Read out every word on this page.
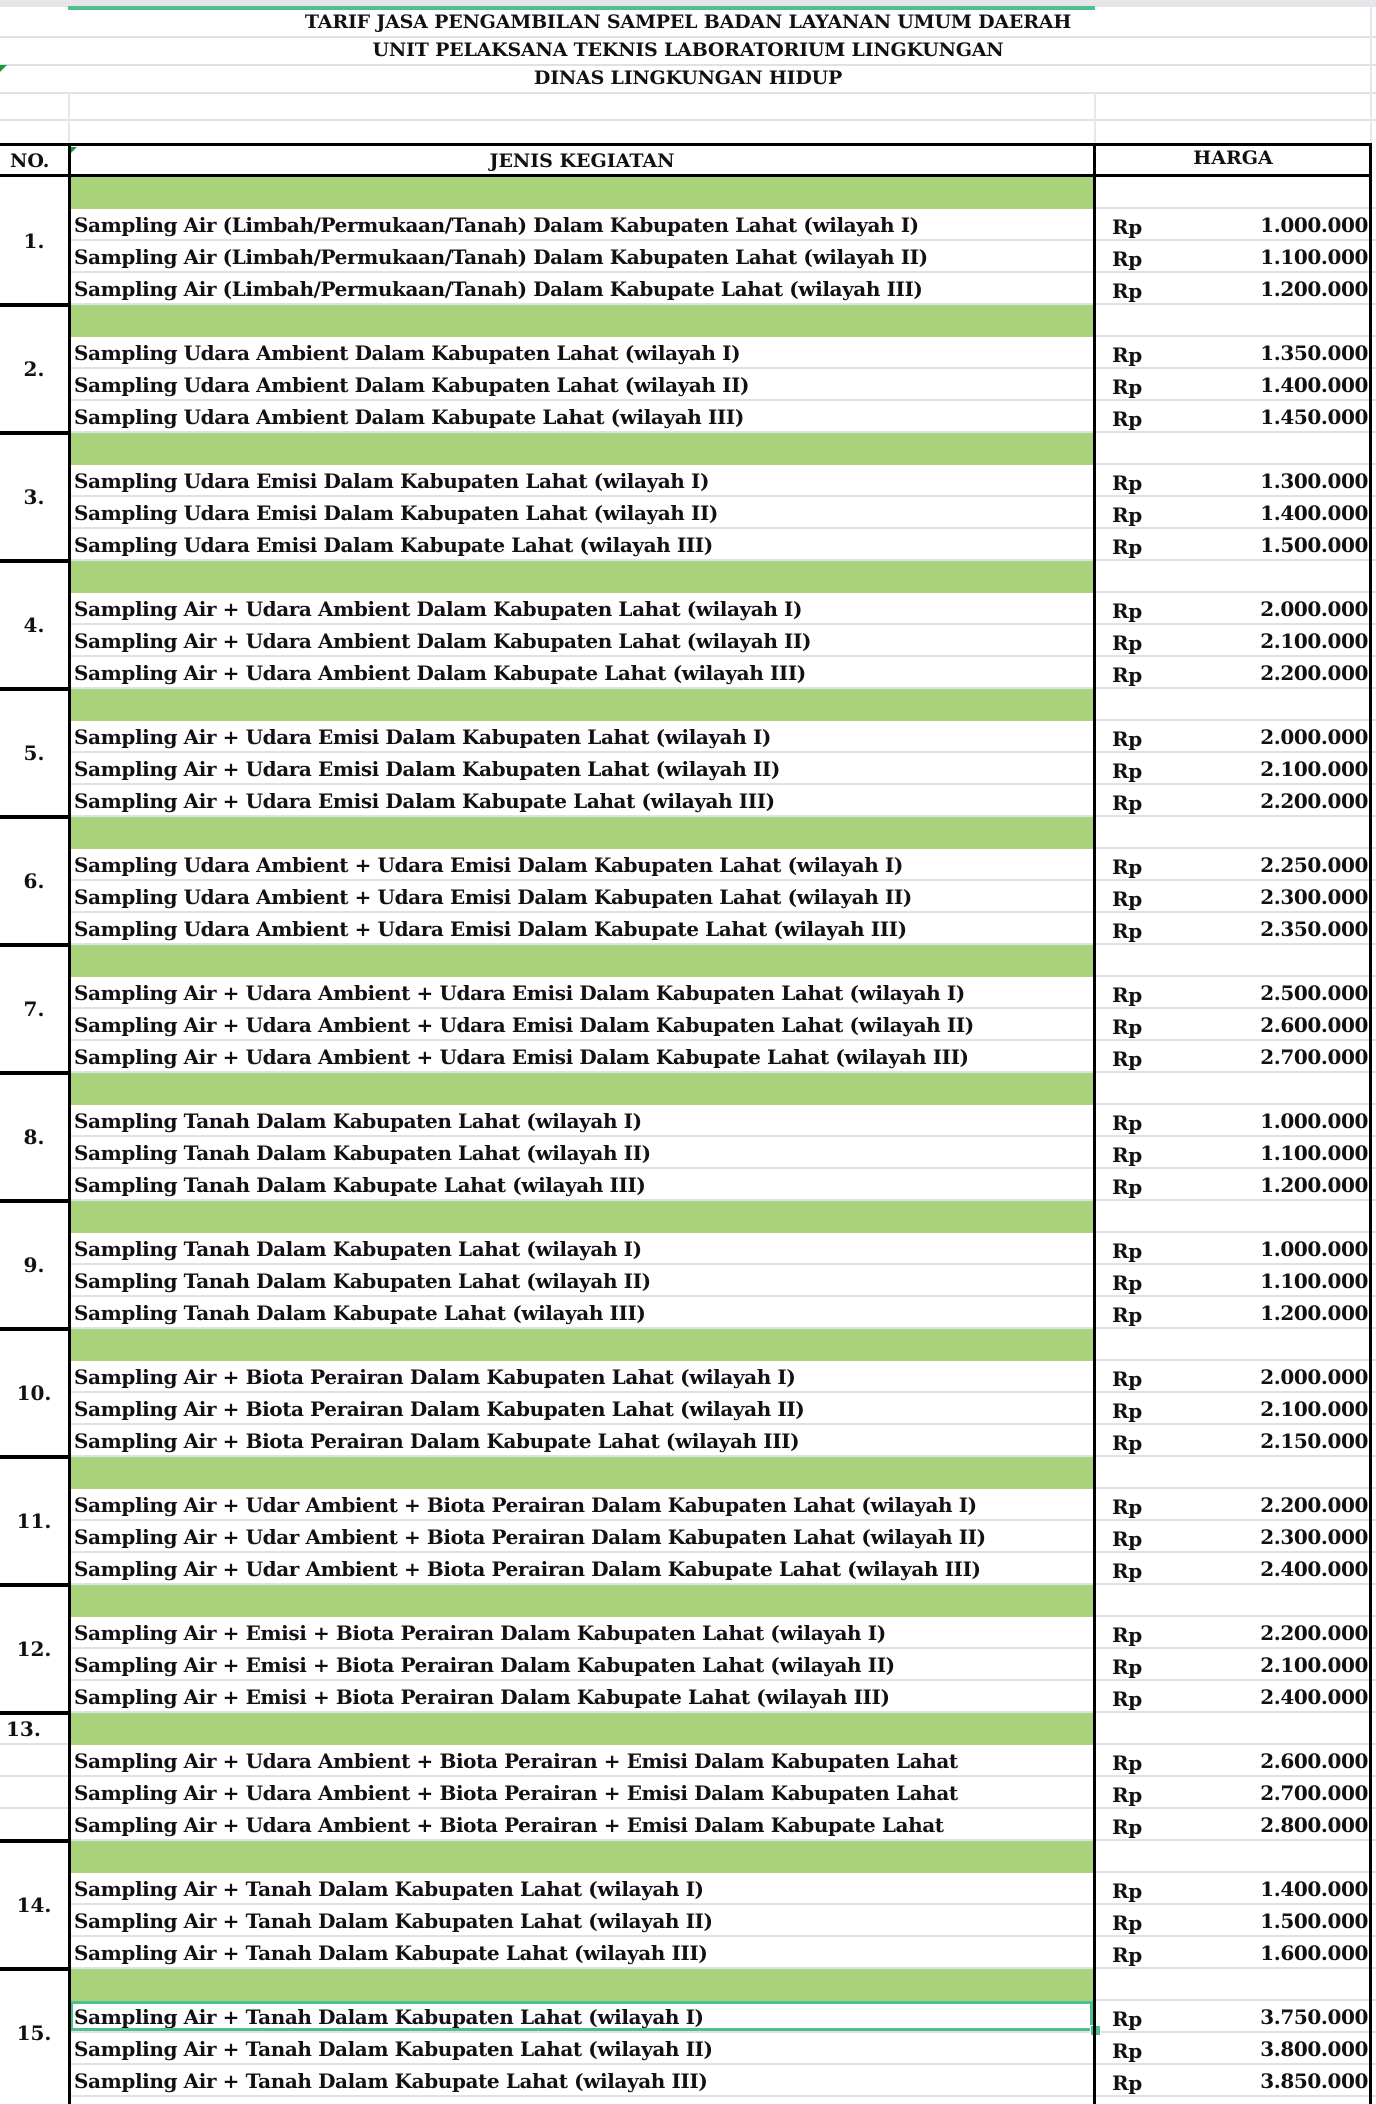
TARIF JASA PENGAMBILAN SAMPEL BADAN LAYANAN UMUM DAERAH
UNIT PELAKSANA TEKNIS LABORATORIUM LINGKUNGAN
DINAS LINGKUNGAN HIDUP
NO.	JENIS KEGIATAN	HARGA
1.
Sampling Air (Limbah/Permukaan/Tanah) Dalam Kabupaten Lahat (wilayah I)	Rp	1.000.000
Sampling Air (Limbah/Permukaan/Tanah) Dalam Kabupaten Lahat (wilayah II)	Rp	1.100.000
Sampling Air (Limbah/Permukaan/Tanah) Dalam Kabupate Lahat (wilayah III)	Rp	1.200.000
2.
Sampling Udara Ambient Dalam Kabupaten Lahat (wilayah I)	Rp	1.350.000
Sampling Udara Ambient Dalam Kabupaten Lahat (wilayah II)	Rp	1.400.000
Sampling Udara Ambient Dalam Kabupate Lahat (wilayah III)	Rp	1.450.000
3.
Sampling Udara Emisi Dalam Kabupaten Lahat (wilayah I)	Rp	1.300.000
Sampling Udara Emisi Dalam Kabupaten Lahat (wilayah II)	Rp	1.400.000
Sampling Udara Emisi Dalam Kabupate Lahat (wilayah III)	Rp	1.500.000
4.
Sampling Air + Udara Ambient Dalam Kabupaten Lahat (wilayah I)	Rp	2.000.000
Sampling Air + Udara Ambient Dalam Kabupaten Lahat (wilayah II)	Rp	2.100.000
Sampling Air + Udara Ambient Dalam Kabupate Lahat (wilayah III)	Rp	2.200.000
5.
Sampling Air + Udara Emisi Dalam Kabupaten Lahat (wilayah I)	Rp	2.000.000
Sampling Air + Udara Emisi Dalam Kabupaten Lahat (wilayah II)	Rp	2.100.000
Sampling Air + Udara Emisi Dalam Kabupate Lahat (wilayah III)	Rp	2.200.000
6.
Sampling Udara Ambient + Udara Emisi Dalam Kabupaten Lahat (wilayah I)	Rp	2.250.000
Sampling Udara Ambient + Udara Emisi Dalam Kabupaten Lahat (wilayah II)	Rp	2.300.000
Sampling Udara Ambient + Udara Emisi Dalam Kabupate Lahat (wilayah III)	Rp	2.350.000
7.
Sampling Air + Udara Ambient + Udara Emisi Dalam Kabupaten Lahat (wilayah I)	Rp	2.500.000
Sampling Air + Udara Ambient + Udara Emisi Dalam Kabupaten Lahat (wilayah II)	Rp	2.600.000
Sampling Air + Udara Ambient + Udara Emisi Dalam Kabupate Lahat (wilayah III)	Rp	2.700.000
8.
Sampling Tanah Dalam Kabupaten Lahat (wilayah I)	Rp	1.000.000
Sampling Tanah Dalam Kabupaten Lahat (wilayah II)	Rp	1.100.000
Sampling Tanah Dalam Kabupate Lahat (wilayah III)	Rp	1.200.000
9.
Sampling Tanah Dalam Kabupaten Lahat (wilayah I)	Rp	1.000.000
Sampling Tanah Dalam Kabupaten Lahat (wilayah II)	Rp	1.100.000
Sampling Tanah Dalam Kabupate Lahat (wilayah III)	Rp	1.200.000
10.
Sampling Air + Biota Perairan Dalam Kabupaten Lahat (wilayah I)	Rp	2.000.000
Sampling Air + Biota Perairan Dalam Kabupaten Lahat (wilayah II)	Rp	2.100.000
Sampling Air + Biota Perairan Dalam Kabupate Lahat (wilayah III)	Rp	2.150.000
11.
Sampling Air + Udar Ambient + Biota Perairan Dalam Kabupaten Lahat (wilayah I)	Rp	2.200.000
Sampling Air + Udar Ambient + Biota Perairan Dalam Kabupaten Lahat (wilayah II)	Rp	2.300.000
Sampling Air + Udar Ambient + Biota Perairan Dalam Kabupate Lahat (wilayah III)	Rp	2.400.000
12.
Sampling Air + Emisi + Biota Perairan Dalam Kabupaten Lahat (wilayah I)	Rp	2.200.000
Sampling Air + Emisi + Biota Perairan Dalam Kabupaten Lahat (wilayah II)	Rp	2.100.000
Sampling Air + Emisi + Biota Perairan Dalam Kabupate Lahat (wilayah III)	Rp	2.400.000
13.
Sampling Air + Udara Ambient + Biota Perairan + Emisi Dalam Kabupaten Lahat	Rp	2.600.000
Sampling Air + Udara Ambient + Biota Perairan + Emisi Dalam Kabupaten Lahat	Rp	2.700.000
Sampling Air + Udara Ambient + Biota Perairan + Emisi Dalam Kabupate Lahat	Rp	2.800.000
14.
Sampling Air + Tanah Dalam Kabupaten Lahat (wilayah I)	Rp	1.400.000
Sampling Air + Tanah Dalam Kabupaten Lahat (wilayah II)	Rp	1.500.000
Sampling Air + Tanah Dalam Kabupate Lahat (wilayah III)	Rp	1.600.000
15.
Sampling Air + Tanah Dalam Kabupaten Lahat (wilayah I)	Rp	3.750.000
Sampling Air + Tanah Dalam Kabupaten Lahat (wilayah II)	Rp	3.800.000
Sampling Air + Tanah Dalam Kabupate Lahat (wilayah III)	Rp	3.850.000
